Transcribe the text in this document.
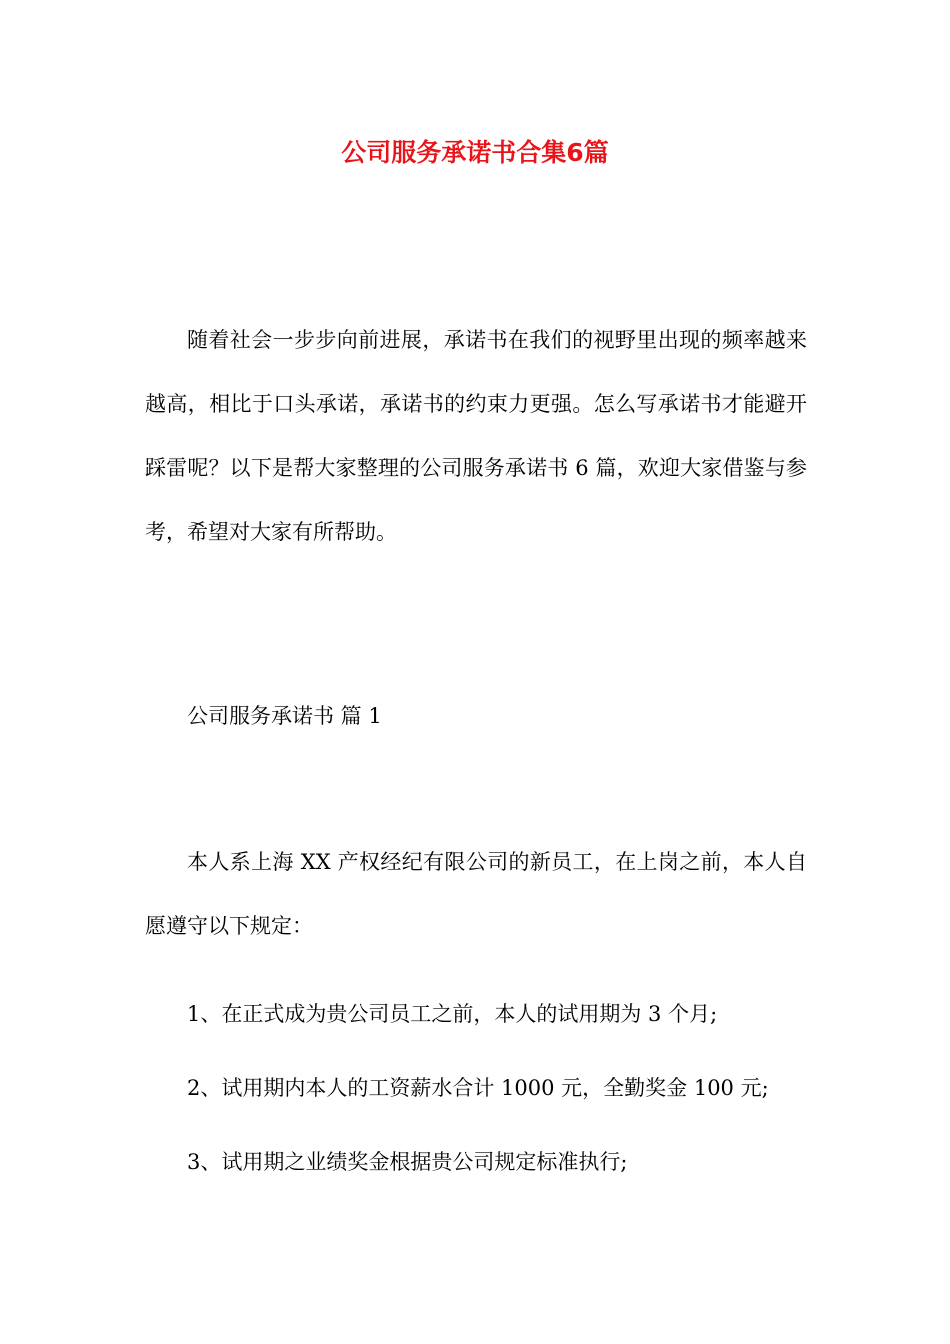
公司服务承诺书合集6篇

随着社会一步步向前进展，承诺书在我们的视野里出现的频率越来越高，相比于口头承诺，承诺书的约束力更强。怎么写承诺书才能避开踩雷呢？以下是帮大家整理的公司服务承诺书 6 篇，欢迎大家借鉴与参考，希望对大家有所帮助。

公司服务承诺书 篇 1

本人系上海 XX 产权经纪有限公司的新员工，在上岗之前，本人自愿遵守以下规定：

1、在正式成为贵公司员工之前，本人的试用期为 3 个月;

2、试用期内本人的工资薪水合计 1000 元，全勤奖金 100 元;

3、试用期之业绩奖金根据贵公司规定标准执行;
